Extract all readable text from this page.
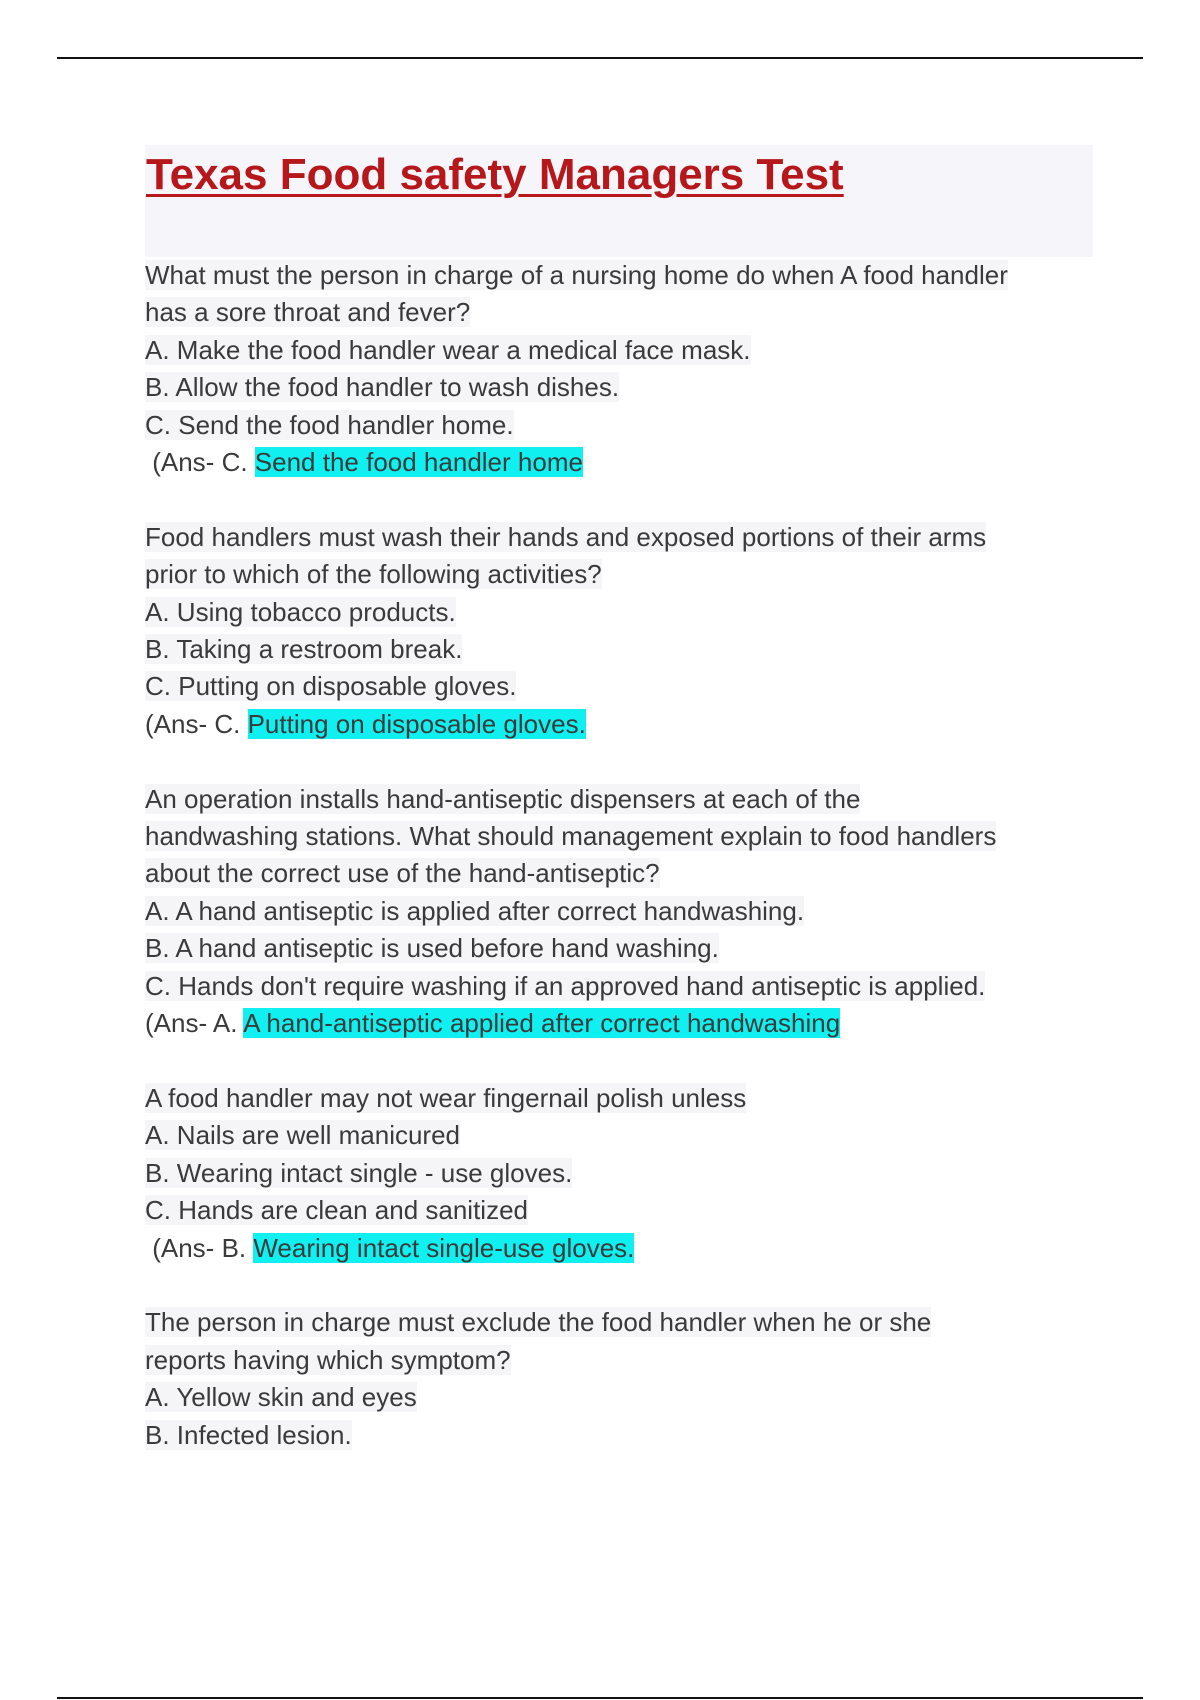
Texas Food safety Managers Test
What must the person in charge of a nursing home do when A food handler
has a sore throat and fever?
A. Make the food handler wear a medical face mask.
B. Allow the food handler to wash dishes.
C. Send the food handler home.
(Ans- C. Send the food handler home
Food handlers must wash their hands and exposed portions of their arms
prior to which of the following activities?
A. Using tobacco products.
B. Taking a restroom break.
C. Putting on disposable gloves.
(Ans- C. Putting on disposable gloves.
An operation installs hand-antiseptic dispensers at each of the
handwashing stations. What should management explain to food handlers
about the correct use of the hand-antiseptic?
A. A hand antiseptic is applied after correct handwashing.
B. A hand antiseptic is used before hand washing.
C. Hands don't require washing if an approved hand antiseptic is applied.
(Ans- A. A hand-antiseptic applied after correct handwashing
A food handler may not wear fingernail polish unless
A. Nails are well manicured
B. Wearing intact single - use gloves.
C. Hands are clean and sanitized
(Ans- B. Wearing intact single-use gloves.
The person in charge must exclude the food handler when he or she
reports having which symptom?
A. Yellow skin and eyes
B. Infected lesion.
